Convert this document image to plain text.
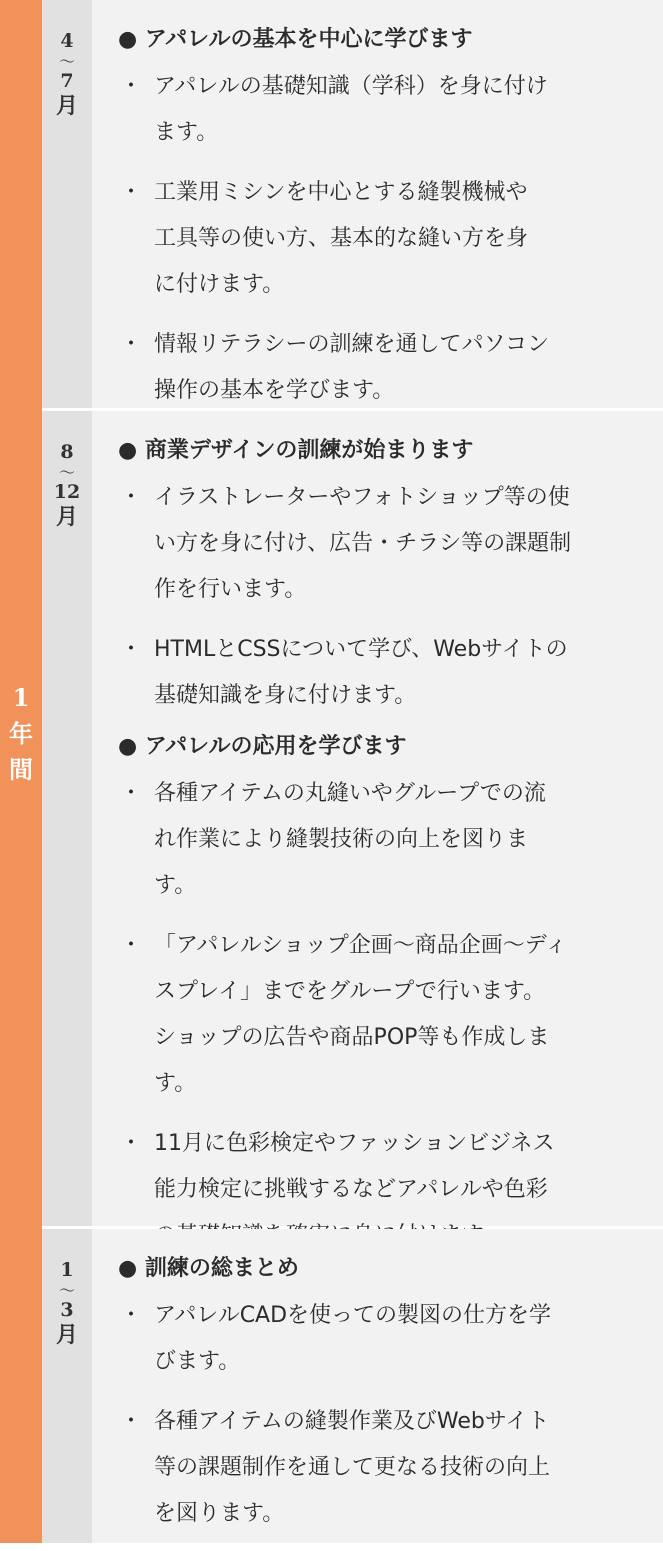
1
年
間
4
〜
7
月
● アパレルの基本を中心に学びます
・ アパレルの基礎知識（学科）を身に付け
ます。
・ 工業用ミシンを中心とする縫製機械や
工具等の使い方、基本的な縫い方を身
に付けます。
・ 情報リテラシーの訓練を通してパソコン
操作の基本を学びます。
8
〜
12
月
● 商業デザインの訓練が始まります
・ イラストレーターやフォトショップ等の使
い方を身に付け、広告・チラシ等の課題制
作を行います。
・ HTMLとCSSについて学び、Webサイトの
基礎知識を身に付けます。
● アパレルの応用を学びます
・ 各種アイテムの丸縫いやグループでの流
れ作業により縫製技術の向上を図りま
す。
・ 「アパレルショップ企画〜商品企画〜ディ
スプレイ」までをグループで行います。
ショップの広告や商品POP等も作成しま
す。
・ 11月に色彩検定やファッションビジネス
能力検定に挑戦するなどアパレルや色彩
1
〜
3
月
● 訓練の総まとめ
・ アパレルCADを使っての製図の仕方を学
びます。
・ 各種アイテムの縫製作業及びWebサイト
等の課題制作を通して更なる技術の向上
を図ります。
